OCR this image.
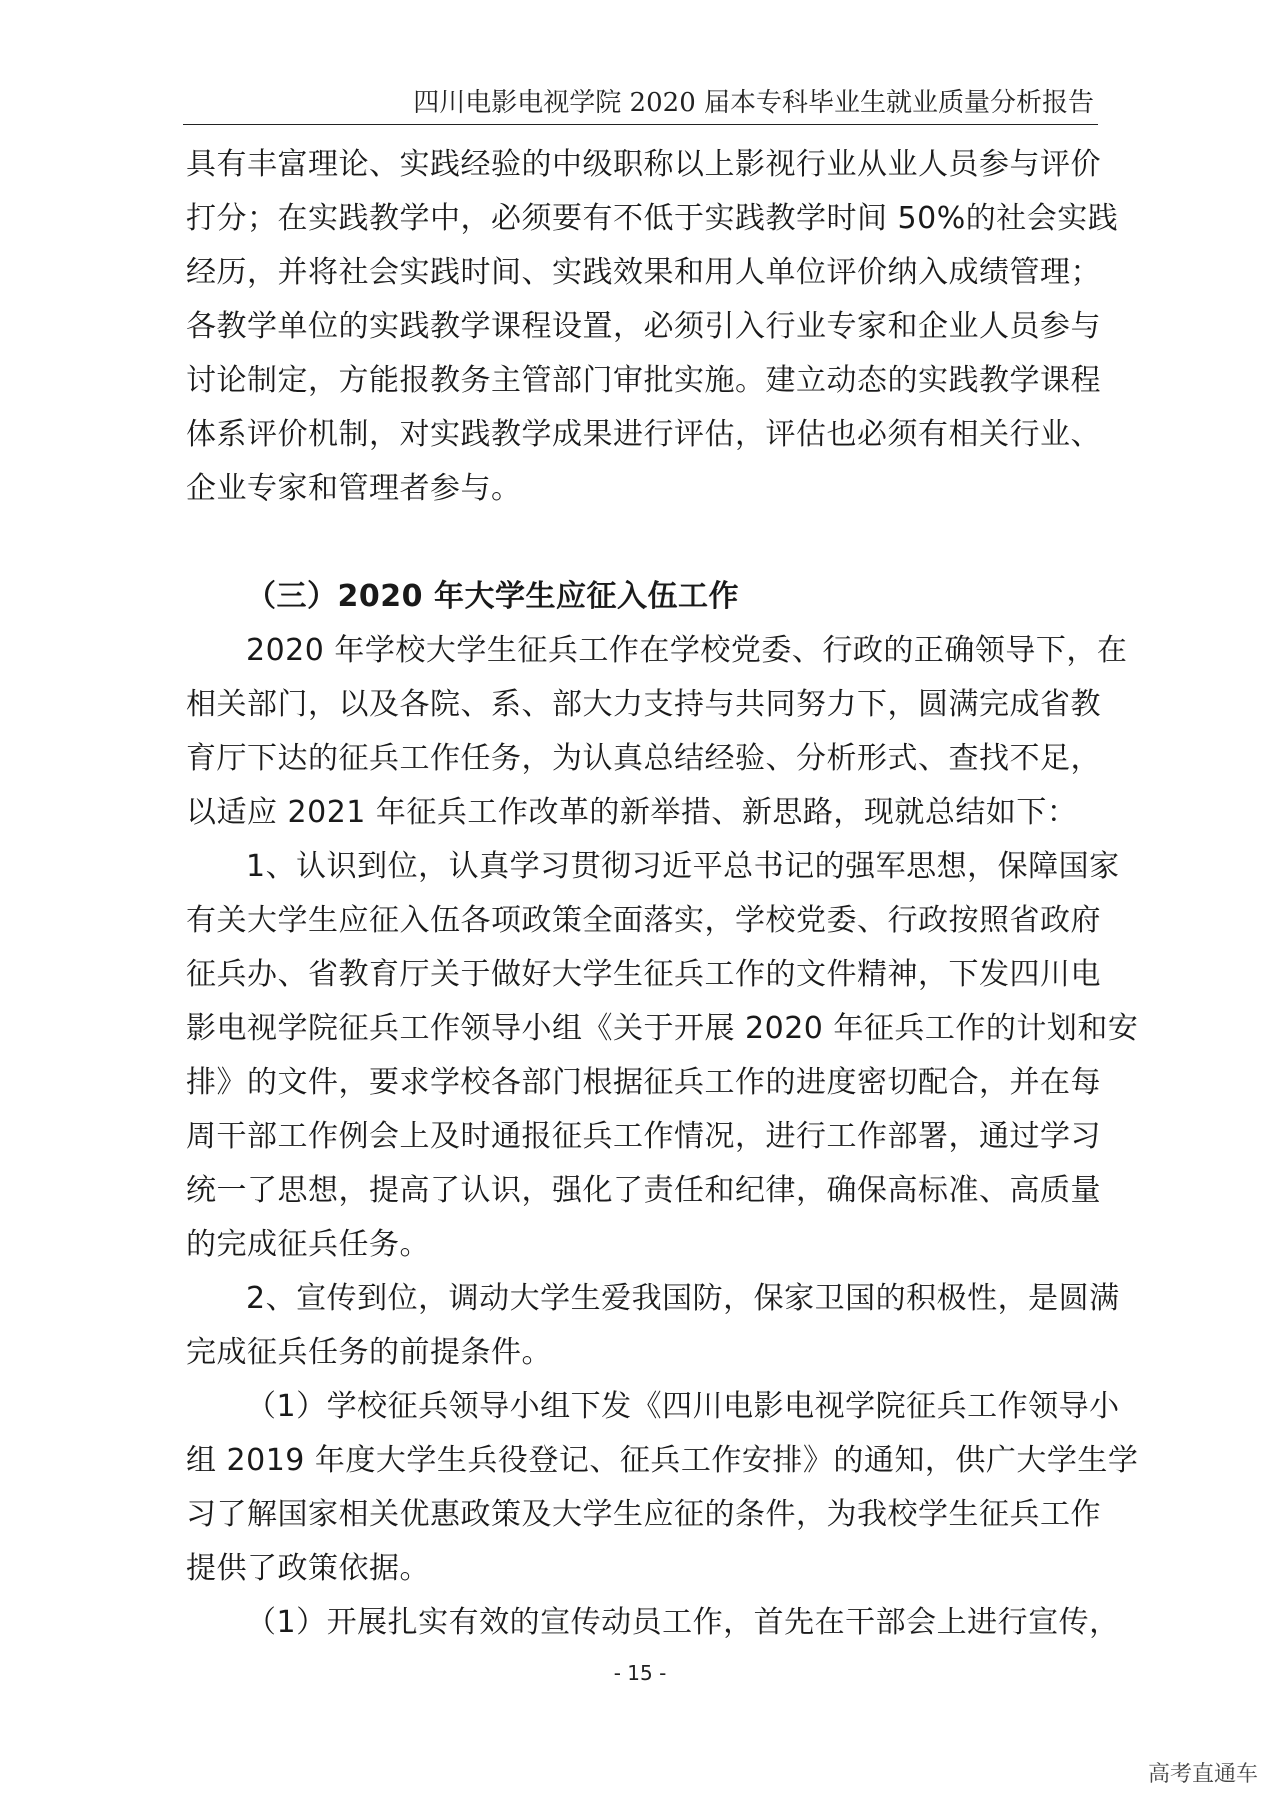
四川电影电视学院 2020 届本专科毕业生就业质量分析报告
具有丰富理论、实践经验的中级职称以上影视行业从业人员参与评价
打分；在实践教学中，必须要有不低于实践教学时间 50%的社会实践
经历，并将社会实践时间、实践效果和用人单位评价纳入成绩管理；
各教学单位的实践教学课程设置，必须引入行业专家和企业人员参与
讨论制定，方能报教务主管部门审批实施。建立动态的实践教学课程
体系评价机制，对实践教学成果进行评估，评估也必须有相关行业、
企业专家和管理者参与。
（三）2020 年大学生应征入伍工作
2020 年学校大学生征兵工作在学校党委、行政的正确领导下，在
相关部门，以及各院、系、部大力支持与共同努力下，圆满完成省教
育厅下达的征兵工作任务，为认真总结经验、分析形式、查找不足，
以适应 2021 年征兵工作改革的新举措、新思路，现就总结如下：
1、认识到位，认真学习贯彻习近平总书记的强军思想，保障国家
有关大学生应征入伍各项政策全面落实，学校党委、行政按照省政府
征兵办、省教育厅关于做好大学生征兵工作的文件精神，下发四川电
影电视学院征兵工作领导小组《关于开展 2020 年征兵工作的计划和安
排》的文件，要求学校各部门根据征兵工作的进度密切配合，并在每
周干部工作例会上及时通报征兵工作情况，进行工作部署，通过学习
统一了思想，提高了认识，强化了责任和纪律，确保高标准、高质量
的完成征兵任务。
2、宣传到位，调动大学生爱我国防，保家卫国的积极性，是圆满
完成征兵任务的前提条件。
（1）学校征兵领导小组下发《四川电影电视学院征兵工作领导小
组 2019 年度大学生兵役登记、征兵工作安排》的通知，供广大学生学
习了解国家相关优惠政策及大学生应征的条件，为我校学生征兵工作
提供了政策依据。
（1）开展扎实有效的宣传动员工作，首先在干部会上进行宣传，
- 15 -
高考直通车
